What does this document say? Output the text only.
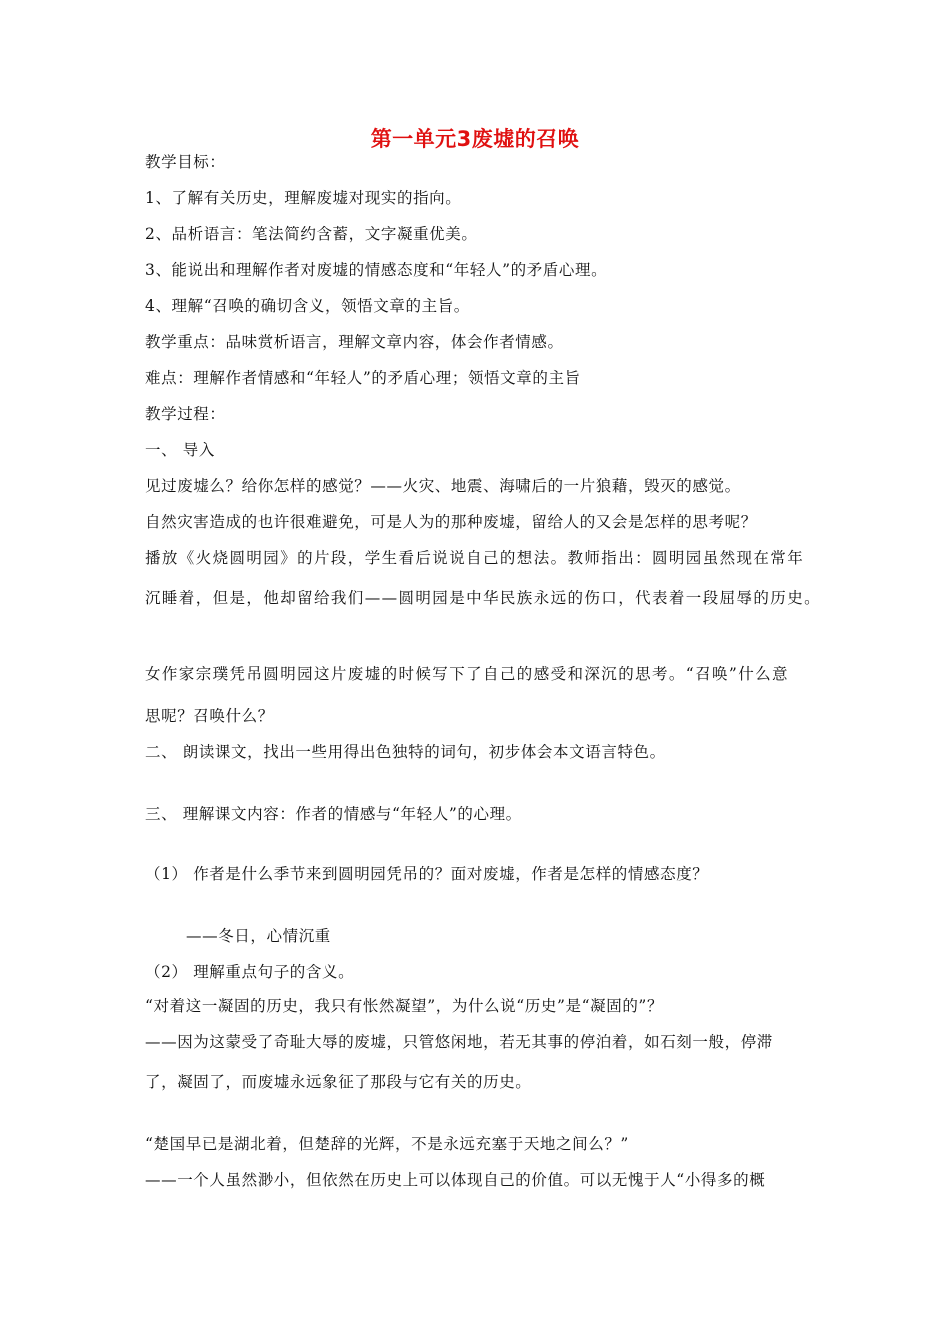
第一单元3废墟的召唤
教学目标：
1、了解有关历史，理解废墟对现实的指向。
2、品析语言：笔法简约含蓄，文字凝重优美。
3、能说出和理解作者对废墟的情感态度和“年轻人”的矛盾心理。
4、理解“召唤的确切含义，领悟文章的主旨。
教学重点：品味赏析语言，理解文章内容，体会作者情感。
难点：理解作者情感和“年轻人”的矛盾心理；领悟文章的主旨
教学过程：
一、 导入
见过废墟么？给你怎样的感觉？——火灾、地震、海啸后的一片狼藉，毁灭的感觉。
自然灾害造成的也许很难避免，可是人为的那种废墟，留给人的又会是怎样的思考呢？
播放《火烧圆明园》的片段，学生看后说说自己的想法。教师指出：圆明园虽然现在常年
沉睡着，但是，他却留给我们——圆明园是中华民族永远的伤口，代表着一段屈辱的历史。
女作家宗璞凭吊圆明园这片废墟的时候写下了自己的感受和深沉的思考。“召唤”什么意
思呢？召唤什么？
二、 朗读课文，找出一些用得出色独特的词句，初步体会本文语言特色。
三、 理解课文内容：作者的情感与“年轻人”的心理。
（1） 作者是什么季节来到圆明园凭吊的？面对废墟，作者是怎样的情感态度？
——冬日，心情沉重
（2） 理解重点句子的含义。
“对着这一凝固的历史，我只有怅然凝望”，为什么说“历史”是“凝固的”？
——因为这蒙受了奇耻大辱的废墟，只管悠闲地，若无其事的停泊着，如石刻一般，停滞
了，凝固了，而废墟永远象征了那段与它有关的历史。
“楚国早已是湖北着，但楚辞的光辉，不是永远充塞于天地之间么？”
——一个人虽然渺小，但依然在历史上可以体现自己的价值。可以无愧于人“小得多的概
